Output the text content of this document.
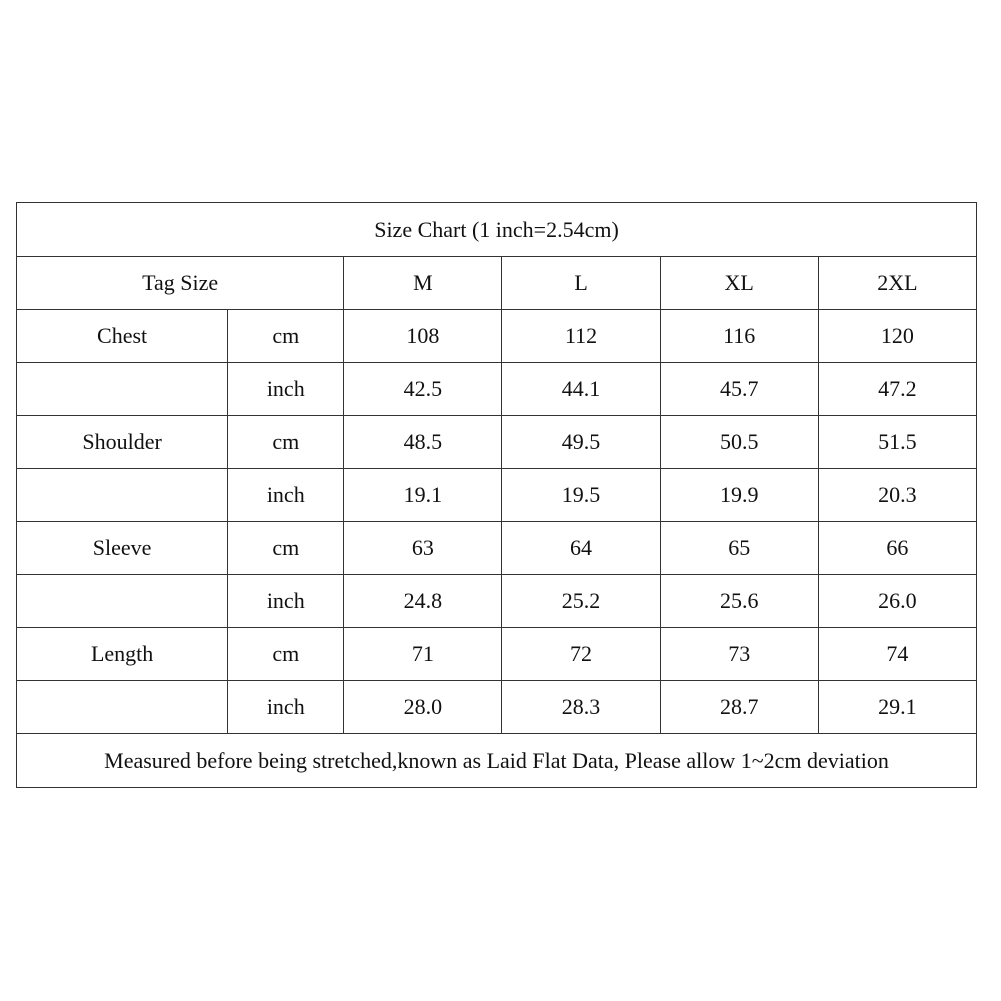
Size Chart (1 inch=2.54cm)					
Tag Size		M	L	XL	2XL
Chest	cm	108	112	116	120
	inch	42.5	44.1	45.7	47.2
Shoulder	cm	48.5	49.5	50.5	51.5
	inch	19.1	19.5	19.9	20.3
Sleeve	cm	63	64	65	66
	inch	24.8	25.2	25.6	26.0
Length	cm	71	72	73	74
	inch	28.0	28.3	28.7	29.1
Measured before being stretched,known as Laid Flat Data, Please allow 1~2cm deviation					
